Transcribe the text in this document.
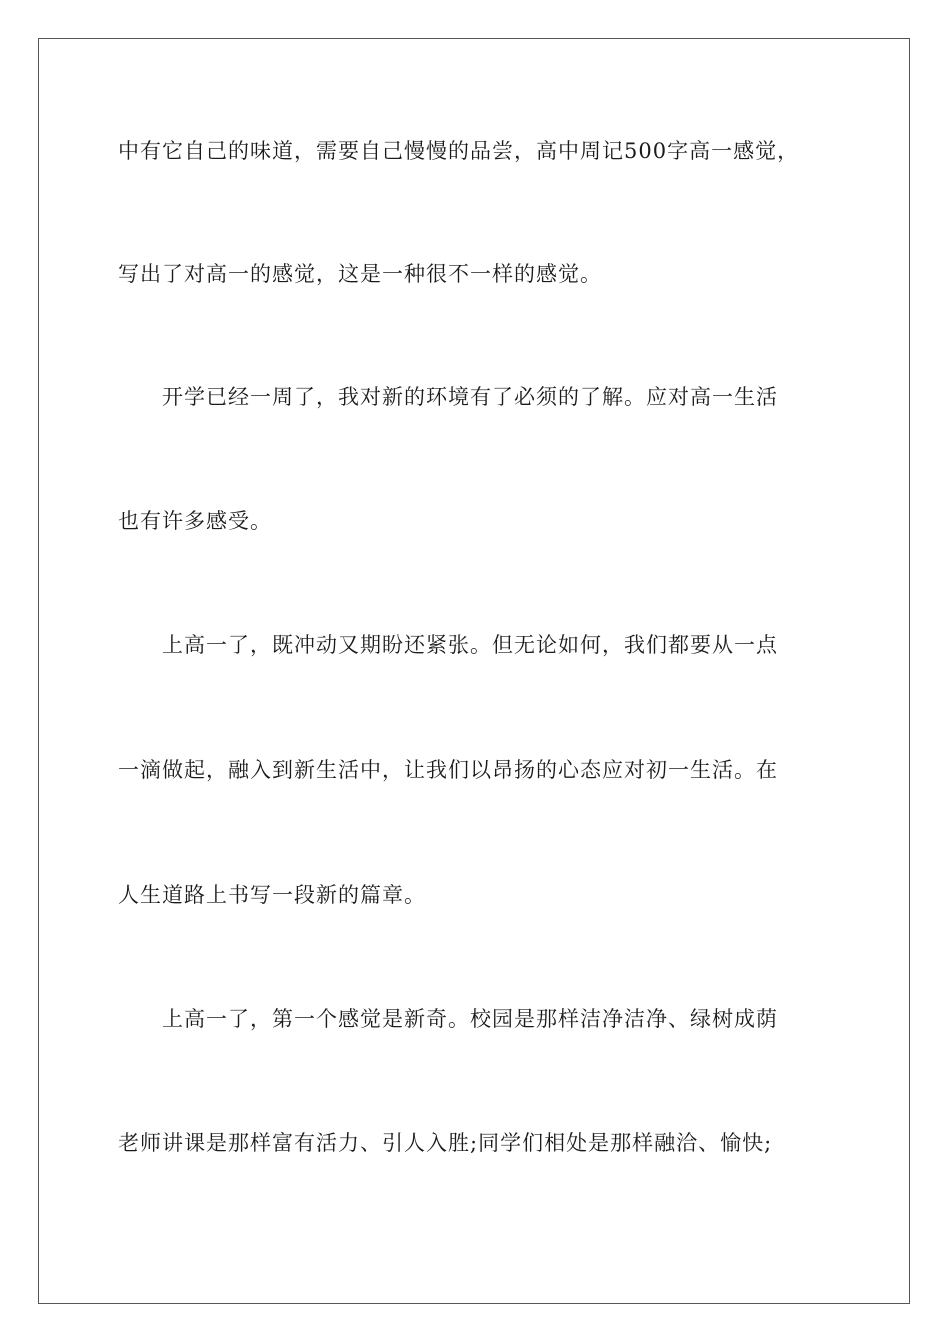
中有它自己的味道，需要自己慢慢的品尝，高中周记500字高一感觉，
写出了对高一的感觉，这是一种很不一样的感觉。
开学已经一周了，我对新的环境有了必须的了解。应对高一生活
也有许多感受。
上高一了，既冲动又期盼还紧张。但无论如何，我们都要从一点
一滴做起，融入到新生活中，让我们以昂扬的心态应对初一生活。在
人生道路上书写一段新的篇章。
上高一了，第一个感觉是新奇。校园是那样洁净洁净、绿树成荫
老师讲课是那样富有活力、引人入胜;同学们相处是那样融洽、愉快;
